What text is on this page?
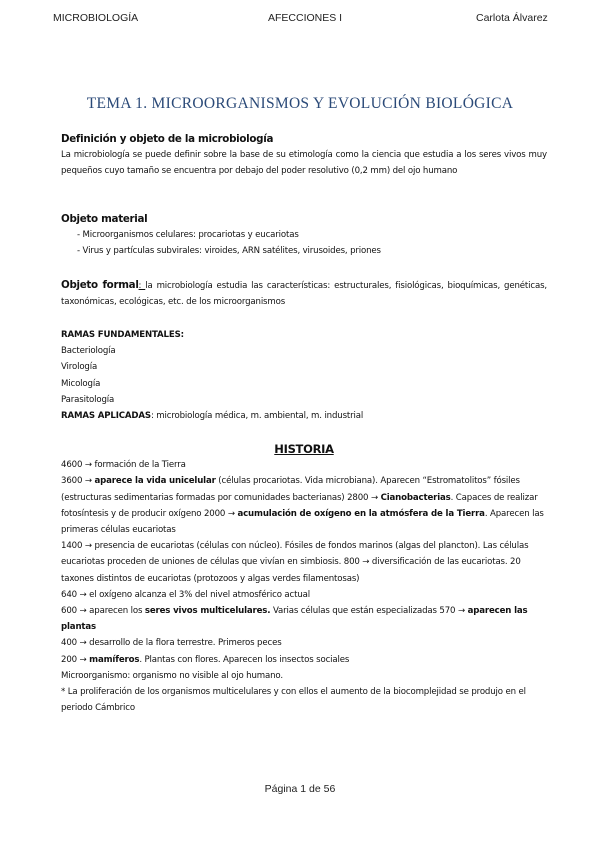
MICROBIOLOGÍA	AFECCIONES I	Carlota Álvarez
TEMA 1. MICROORGANISMOS Y EVOLUCIÓN BIOLÓGICA
Definición y objeto de la microbiología
La microbiología se puede definir sobre la base de su etimología como la ciencia que estudia a los seres vivos muy pequeños cuyo tamaño se encuentra por debajo del poder resolutivo (0,2 mm) del ojo humano
Objeto material
- Microorganismos celulares: procariotas y eucariotas
- Virus y partículas subvirales: viroides, ARN satélites, virusoides, priones
Objeto formal: la microbiología estudia las características: estructurales, fisiológicas, bioquímicas, genéticas, taxonómicas, ecológicas, etc. de los microorganismos
RAMAS FUNDAMENTALES:
Bacteriología
Virología
Micología
Parasitología
RAMAS APLICADAS: microbiología médica, m. ambiental, m. industrial
HISTORIA
4600 → formación de la Tierra
3600 → aparece la vida unicelular (células procariotas. Vida microbiana). Aparecen “Estromatolitos” fósiles (estructuras sedimentarias formadas por comunidades bacterianas) 2800 → Cianobacterias. Capaces de realizar fotosíntesis y de producir oxígeno 2000 → acumulación de oxígeno en la atmósfera de la Tierra. Aparecen las primeras células eucariotas
1400 → presencia de eucariotas (células con núcleo). Fósiles de fondos marinos (algas del plancton). Las células eucariotas proceden de uniones de células que vivían en simbiosis. 800 → diversificación de las eucariotas. 20 taxones distintos de eucariotas (protozoos y algas verdes filamentosas)
640 → el oxígeno alcanza el 3% del nivel atmosférico actual
600 → aparecen los seres vivos multicelulares. Varias células que están especializadas 570 → aparecen las plantas
400 → desarrollo de la flora terrestre. Primeros peces
200 → mamíferos. Plantas con flores. Aparecen los insectos sociales
Microorganismo: organismo no visible al ojo humano.
* La proliferación de los organismos multicelulares y con ellos el aumento de la biocomplejidad se produjo en el periodo Cámbrico
Página 1 de 56
